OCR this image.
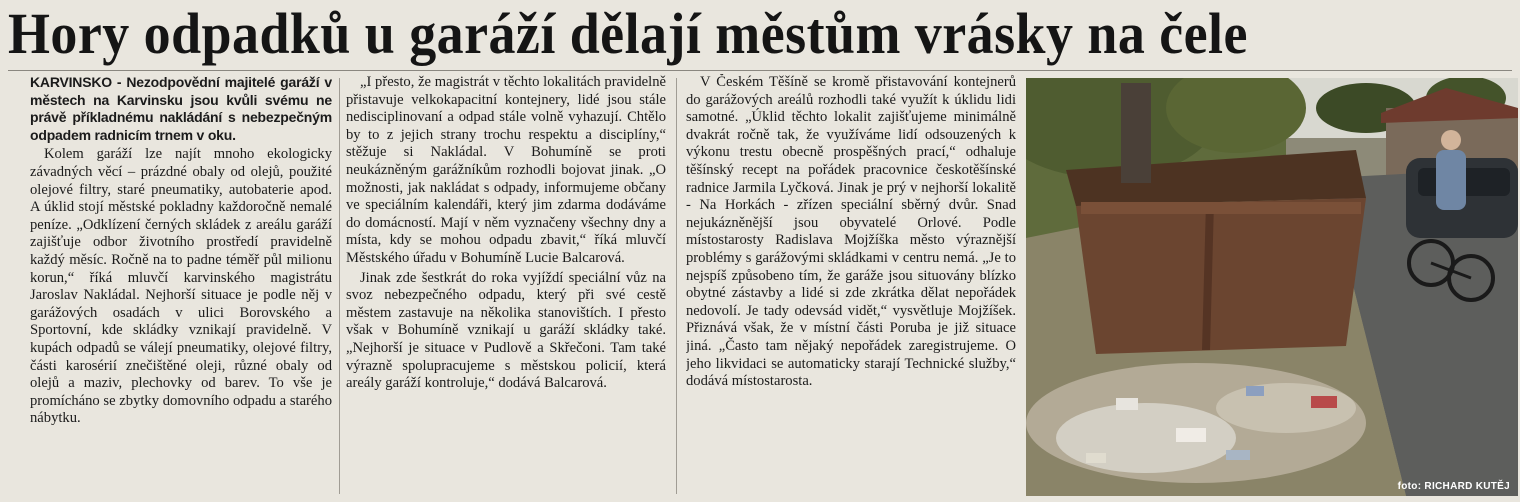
Hory odpadků u garáží dělají městům vrásky na čele

KARVINSKO - Nezodpovědní majitelé garáží v městech na Karvinsku jsou kvůli svému ne právě příkladnému nakládání s nebezpečným odpadem radnicím trnem v oku.

Kolem garáží lze najít mnoho ekologicky závadných věcí – prázdné obaly od olejů, použité olejové filtry, staré pneumatiky, autobaterie apod. A úklid stojí městské pokladny každoročně nemalé peníze. „Odklízení černých skládek z areálu garáží zajišťuje odbor životního prostředí pravidelně každý měsíc. Ročně na to padne téměř půl milionu korun,“ říká mluvčí karvinského magistrátu Jaroslav Nakládal. Nejhorší situace je podle něj v garážových osadách v ulici Borovského a Sportovní, kde skládky vznikají pravidelně. V kupách odpadů se válejí pneumatiky, olejové filtry, části karosérií znečištěné oleji, různé obaly od olejů a maziv, plechovky od barev. To vše je promícháno se zbytky domovního odpadu a starého nábytku.

„I přesto, že magistrát v těchto lokalitách pravidelně přistavuje velkokapacitní kontejnery, lidé jsou stále nedisciplinovaní a odpad stále volně vyhazují. Chtělo by to z jejich strany trochu respektu a disciplíny,“ stěžuje si Nakládal. V Bohumíně se proti neukázněným garážníkům rozhodli bojovat jinak. „O možnosti, jak nakládat s odpady, informujeme občany ve speciálním kalendáři, který jim zdarma dodáváme do domácností. Mají v něm vyznačeny všechny dny a místa, kdy se mohou odpadu zbavit,“ říká mluvčí Městského úřadu v Bohumíně Lucie Balcarová.

Jinak zde šestkrát do roka vyjíždí speciální vůz na svoz nebezpečného odpadu, který při své cestě městem zastavuje na několika stanovištích. I přesto však v Bohumíně vznikají u garáží skládky také. „Nejhorší je situace v Pudlově a Skřečoni. Tam také výrazně spolupracujeme s městskou policií, která areály garáží kontroluje,“ dodává Balcarová.

V Českém Těšíně se kromě přistavování kontejnerů do garážových areálů rozhodli také využít k úklidu lidi samotné. „Úklid těchto lokalit zajišťujeme minimálně dvakrát ročně tak, že využíváme lidí odsouzených k výkonu trestu obecně prospěšných prací,“ odhaluje těšínský recept na pořádek pracovnice českotěšínské radnice Jarmila Lyčková. Jinak je prý v nejhorší lokalitě - Na Horkách - zřízen speciální sběrný dvůr. Snad nejukázněnější jsou obyvatelé Orlové. Podle místostarosty Radislava Mojžíška město výraznější problémy s garážovými skládkami v centru nemá. „Je to nejspíš způsobeno tím, že garáže jsou situovány blízko obytné zástavby a lidé si zde zkrátka dělat nepořádek nedovolí. Je tady odevsád vidět,“ vysvětluje Mojžíšek. Přiznává však, že v místní části Poruba je již situace jiná. „Často tam nějaký nepořádek zaregistrujeme. O jeho likvidaci se automaticky starají Technické služby,“ dodává místostarosta.

foto: RICHARD KUTĚJ
